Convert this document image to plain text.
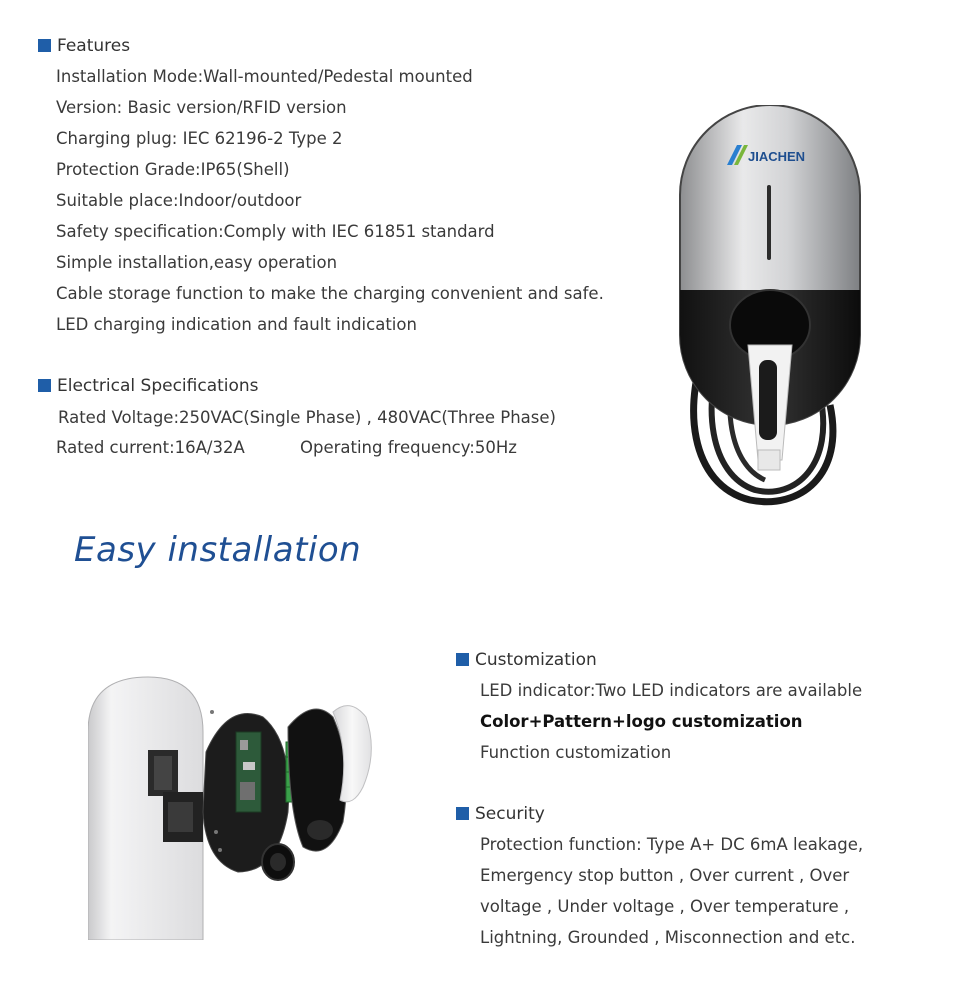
Features
Installation Mode:Wall-mounted/Pedestal mounted
Version: Basic version/RFID version
Charging plug: IEC 62196-2 Type 2
Protection Grade:IP65(Shell)
Suitable place:Indoor/outdoor
Safety specification:Comply with IEC 61851 standard
Simple installation,easy operation
Cable storage function to make the charging convenient and safe.
LED charging indication and fault indication
Electrical Specifications
Rated Voltage:250VAC(Single Phase) , 480VAC(Three Phase)
Rated current:16A/32A	Operating frequency:50Hz
JIACHEN
Easy installation
Customization
LED indicator:Two LED indicators are available
Color+Pattern+logo customization
Function customization
Security
Protection function: Type A+ DC 6mA leakage,
Emergency stop button , Over current , Over
voltage , Under voltage , Over temperature ,
Lightning, Grounded , Misconnection and etc.
